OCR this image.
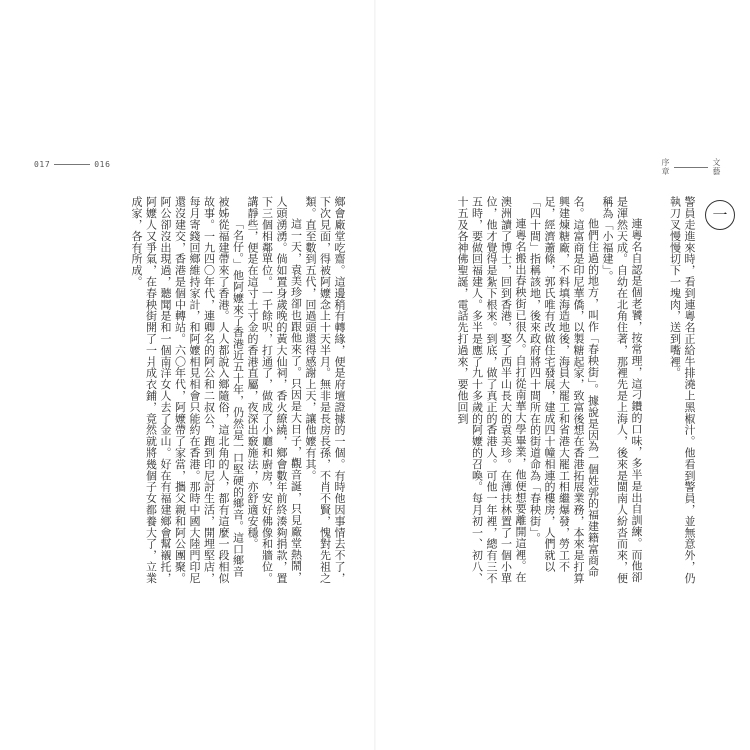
017	016

鄉會廠堂吃齋。這邊稍有轉緣，便是府壇證據的一個。有時他因事情去不了，下次見面，得被阿嬤念上十天半月。無非是長房長孫，不肖不賢，愧對先祖之類。直至數到五代，回過頭還得感謝上天，讓他嬤有其。

這一天，袁美珍卻也跟他來了。只因是大日子，觀音誕，只見廠堂熱鬧，人頭湧湧。倘如置身歲晚的黃大仙祠，香火繚繞，鄉會數年前終湊夠捐款，置下三個相鄰單位。一千餘呎，打通了，做成了小廳和廚房，安好佛像和牆位。講靜些，便是在這寸土寸金的香港直屬，夜深出竅施法，亦舒適安穩。

「名仔。」他阿嬤來了香港近五十年，仍然是一口堅硬的鄉音。這口鄉音被姊從福建帶來了香港。人人都說入鄉隨俗，這北角的人，都有這麼一段相似故事。一九四〇年代，連卿名的阿公和二叔公，跑到印尼討生活，開埋堅店，每月寄錢回鄉維持家計，和阿嬤相見相會只能約在香港。那時中國大陸門印尼還沒建交，香港是個中轉站。六〇年代，阿嬤帶了家當，攜父親和阿公團聚。阿公卻沒出現過，聽聞是和一個南洋女人去了金山。好在有福建鄉會幫襯托，阿嬤人又爭氣，在春秧街開了一爿成衣鋪，竟然就將幾個子女都養大了，立業成家，各有所成。

序章
文藝
一

警員走進來時，看到連粵名正給牛排澆上黑椒汁。他看到警員，並無意外，仍執刀叉慢慢切下一塊肉，送到嘴裡。

連粵名自認是個老饕，按常理，這刁鑽的口味，多半是出自訓練。而他卻是渾然天成。自幼在北角住著，那裡先是上海人，後來是閩南人紛沓而來，便稱為「小福建」。

他們住過的地方，叫作「春秧街」。據說是因為一個姓郭的福建籍富商命名。這富商是印尼華僑，以製糖起家，致富後想在香港拓展業務，本來是打算興建煉糖廠，不料填海造地後，海員大罷工和省港大罷工相繼爆發，勞工不足，經濟蕭條，郭氏唯有改做住宅發展，建成四十幢相連的樓房，人們就以「四十間」指稱該地，後來政府將四十間所在的街道命為「春秧街」。

連粵名搬出春秧街已很久。自打從南華大學畢業，他便想要離開這裡。在澳洲讀了博士，回到香港，娶了西半山長大的袁美珍。在薄扶林置了一個小單位，他才覺得是紮下根來。到底，做了真正的香港人。可他一年裡，總有三不五時，要做回福建人。多半是應了九十多歲的阿嬤的召喚。每月初一、初八、十五及各神佛聖誕，電話先打過來，要他回到
